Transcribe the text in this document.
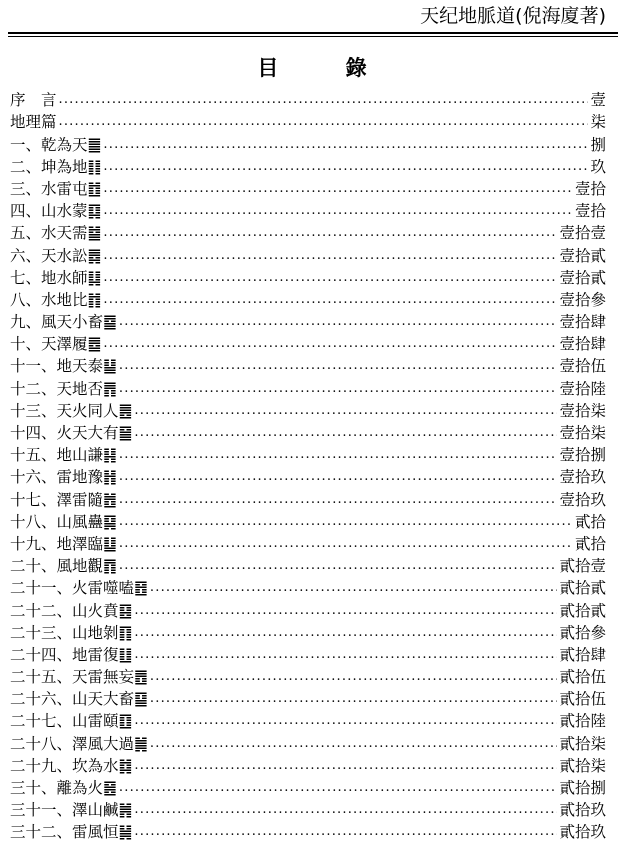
天纪地脈道(倪海廈著)
目 錄
序　言 .....	壹
地理篇 .....	柒
一、乾為天䷀ .....	捌
二、坤為地䷁ .....	玖
三、水雷屯䷂ .....	壹拾
四、山水蒙䷃ .....	壹拾
五、水天需䷄ .....	壹拾壹
六、天水訟䷅ .....	壹拾貳
七、地水師䷆ .....	壹拾貳
八、水地比䷇ .....	壹拾參
九、風天小畜䷈ .....	壹拾肆
十、天澤履䷉ .....	壹拾肆
十一、地天泰䷊ .....	壹拾伍
十二、天地否䷋ .....	壹拾陸
十三、天火同人䷌ .....	壹拾柒
十四、火天大有䷍ .....	壹拾柒
十五、地山謙䷎ .....	壹拾捌
十六、雷地豫䷏ .....	壹拾玖
十七、澤雷隨䷐ .....	壹拾玖
十八、山風蠱䷑ .....	貳拾
十九、地澤臨䷒ .....	貳拾
二十、風地觀䷓ .....	貳拾壹
二十一、火雷噬嗑䷔ .....	貳拾貳
二十二、山火賁䷕ .....	貳拾貳
二十三、山地剝䷖ .....	貳拾參
二十四、地雷復䷗ .....	貳拾肆
二十五、天雷無妄䷘ .....	貳拾伍
二十六、山天大畜䷙ .....	貳拾伍
二十七、山雷頤䷚ .....	貳拾陸
二十八、澤風大過䷛ .....	貳拾柒
二十九、坎為水䷜ .....	貳拾柒
三十、離為火䷝ .....	貳拾捌
三十一、澤山鹹䷞ .....	貳拾玖
三十二、雷風恒䷟ .....	貳拾玖
